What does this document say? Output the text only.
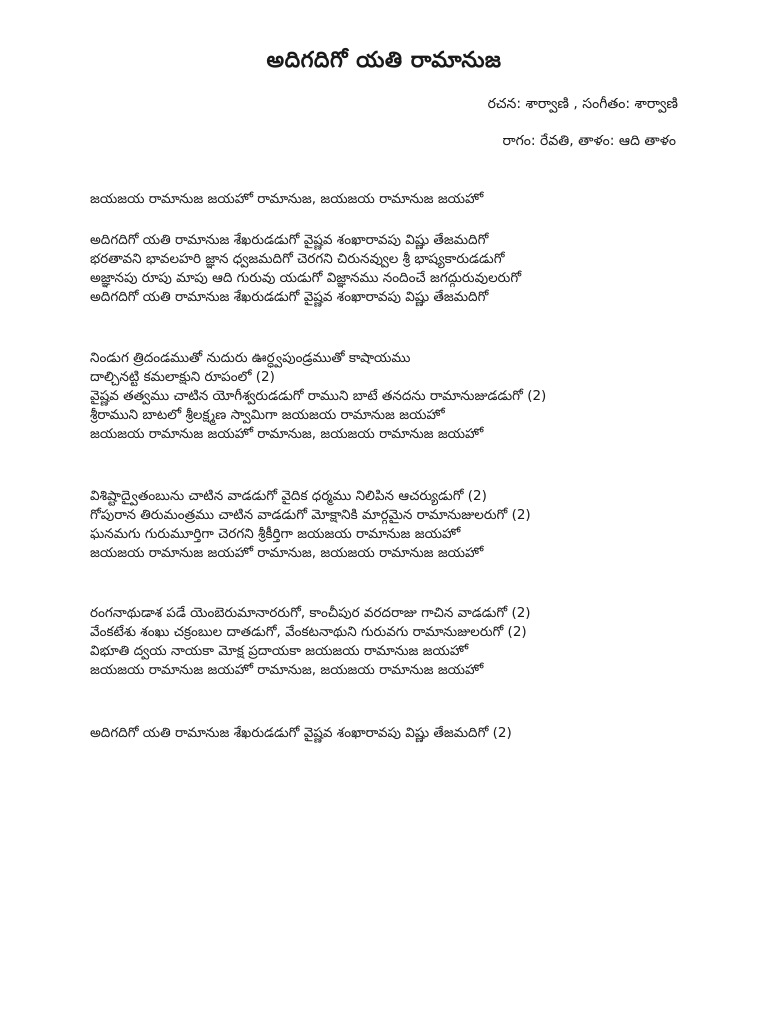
అదిగదిగో యతి రామానుజ
రచన: శార్వాణి , సంగీతం: శార్వాణి
రాగం: రేవతి, తాళం: ఆది తాళం
జయజయ రామానుజ జయహో రామానుజ, జయజయ రామానుజ జయహో
అదిగదిగో యతి రామానుజ శేఖరుడడుగో వైష్ణవ శంఖారావపు విష్ణు తేజమదిగో
భరతావని భావలహరి జ్ఞాన ధ్వజమదిగో చెరగని చిరునవ్వుల శ్రీ భాష్యకారుడడుగో
అజ్ఞానపు రూపు మాపు ఆది గురువు యడుగో విజ్ఞానము నందించే జగద్గురువులరుగో
అదిగదిగో యతి రామానుజ శేఖరుడడుగో వైష్ణవ శంఖారావపు విష్ణు తేజమదిగో
నిండుగ త్రిదండముతో నుదురు ఊర్ధ్వపుండ్రముతో కాషాయము
దాల్చినట్టి కమలాక్షుని రూపంలో (2)
వైష్ణవ తత్వము చాటిన యోగీశ్వరుడడుగో రాముని బాటే తనదను రామానుజుడడుగో (2)
శ్రీరాముని బాటలో శ్రీలక్ష్మణ స్వామిగా జయజయ రామానుజ జయహో
జయజయ రామానుజ జయహో రామానుజ, జయజయ రామానుజ జయహో
విశిష్టాద్వైతంబును చాటిన వాడడుగో వైదిక ధర్మము నిలిపిన ఆచర్యుడుగో (2)
గోపురాన తిరుమంత్రము చాటిన వాడడుగో మోక్షానికి మార్గమైన రామానుజులరుగో (2)
ఘనమగు గురుమూర్తిగా చెరగని శ్రీకీర్తిగా జయజయ రామానుజ జయహో
జయజయ రామానుజ జయహో రామానుజ, జయజయ రామానుజ జయహో
రంగనాథుడాశ పడే యెంబెరుమానారరుగో, కాంచీపుర వరదరాజు గాచిన వాడడుగో (2)
వేంకటేశు శంఖు చక్రంబుల దాతడుగో, వేంకటనాథుని గురువగు రామానుజులరుగో (2)
విభూతి ద్వయ నాయకా మోక్ష ప్రదాయకా జయజయ రామానుజ జయహో
జయజయ రామానుజ జయహో రామానుజ, జయజయ రామానుజ జయహో
అదిగదిగో యతి రామానుజ శేఖరుడడుగో వైష్ణవ శంఖారావపు విష్ణు తేజమదిగో (2)
